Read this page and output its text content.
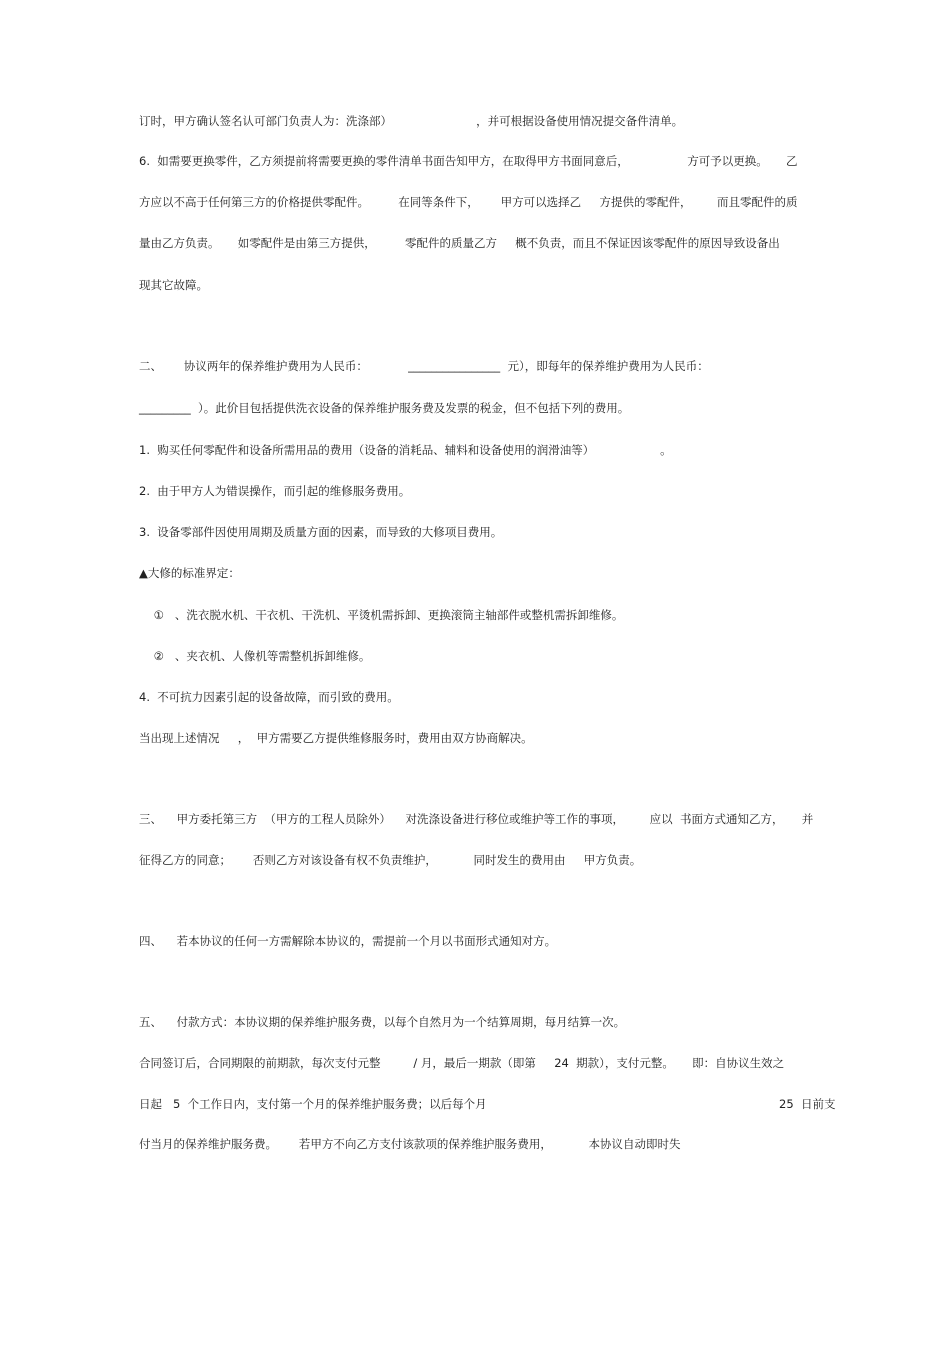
订时，甲方确认签名认可部门负责人为：洗涤部）                       ，并可根据设备使用情况提交备件清单。
6.  如需要更换零件，乙方须提前将需要更换的零件清单书面告知甲方，在取得甲方书面同意后，                方可予以更换。     乙
方应以不高于任何第三方的价格提供零配件。        在同等条件下，      甲方可以选择乙     方提供的零配件，       而且零配件的质
量由乙方负责。     如零配件是由第三方提供，        零配件的质量乙方     概不负责，而且不保证因该零配件的原因导致设备出
现其它故障。
二、      协议两年的保养维护费用为人民币：           ________________  元），即每年的保养维护费用为人民币：
_________  ）。此价目包括提供洗衣设备的保养维护服务费及发票的税金，但不包括下列的费用。
1.  购买任何零配件和设备所需用品的费用（设备的消耗品、辅料和设备使用的润滑油等）                  。
2.  由于甲方人为错误操作，而引起的维修服务费用。
3.  设备零部件因使用周期及质量方面的因素，而导致的大修项目费用。
▲大修的标准界定：
①   、洗衣脱水机、干衣机、干洗机、平烫机需拆卸、更换滚筒主轴部件或整机需拆卸维修。
②   、夹衣机、人像机等需整机拆卸维修。
4.  不可抗力因素引起的设备故障，而引致的费用。
当出现上述情况     ，  甲方需要乙方提供维修服务时，费用由双方协商解决。
三、    甲方委托第三方  （甲方的工程人员除外）    对洗涤设备进行移位或维护等工作的事项，       应以  书面方式通知乙方，     并
征得乙方的同意；      否则乙方对该设备有权不负责维护，          同时发生的费用由     甲方负责。
四、    若本协议的任何一方需解除本协议的，需提前一个月以书面形式通知对方。
五、    付款方式：本协议期的保养维护服务费，以每个自然月为一个结算周期，每月结算一次。
合同签订后，合同期限的前期款，每次支付元整         / 月，最后一期款（即第     24  期款），支付元整。     即：自协议生效之
日起   5  个工作日内，支付第一个月的保养维护服务费；以后每个月                                                                                25  日前支
付当月的保养维护服务费。      若甲方不向乙方支付该款项的保养维护服务费用，          本协议自动即时失
